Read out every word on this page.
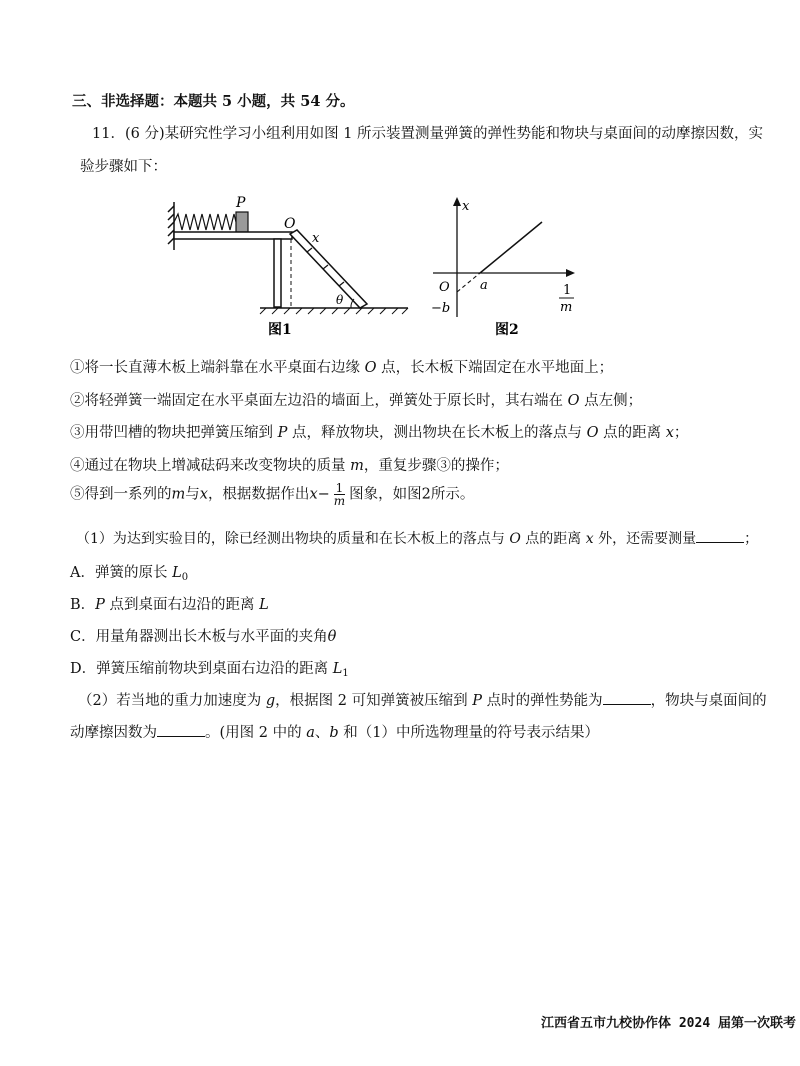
三、非选择题：本题共 5 小题，共 54 分。
11．(6 分)某研究性学习小组利用如图 1 所示装置测量弹簧的弹性势能和物块与桌面间的动摩擦因数，实
验步骤如下：
P
O
x
θ
图1
x
O a
−b
1
m
图2
①将一长直薄木板上端斜靠在水平桌面右边缘 O 点，长木板下端固定在水平地面上；
②将轻弹簧一端固定在水平桌面左边沿的墙面上，弹簧处于原长时，其右端在 O 点左侧；
③用带凹槽的物块把弹簧压缩到 P 点，释放物块，测出物块在长木板上的落点与 O 点的距离 x；
④通过在物块上增减砝码来改变物块的质量 m，重复步骤③的操作；
⑤得到一系列的m与x，根据数据作出$x- \frac{1}{m}$ 图象，如图2所示。
（1）为达到实验目的，除已经测出物块的质量和在长木板上的落点与 O 点的距离 x 外，还需要测量	；
A．弹簧的原长 $L_0$
B．P 点到桌面右边沿的距离 L
C．用量角器测出长木板与水平面的夹角θ
D．弹簧压缩前物块到桌面右边沿的距离 $L_1$
（2）若当地的重力加速度为 g，根据图 2 可知弹簧被压缩到 P 点时的弹性势能为	，物块与桌面间的
动摩擦因数为	。(用图 2 中的 a、b 和（1）中所选物理量的符号表示结果）
江西省五市九校协作体 2024 届第一次联考
